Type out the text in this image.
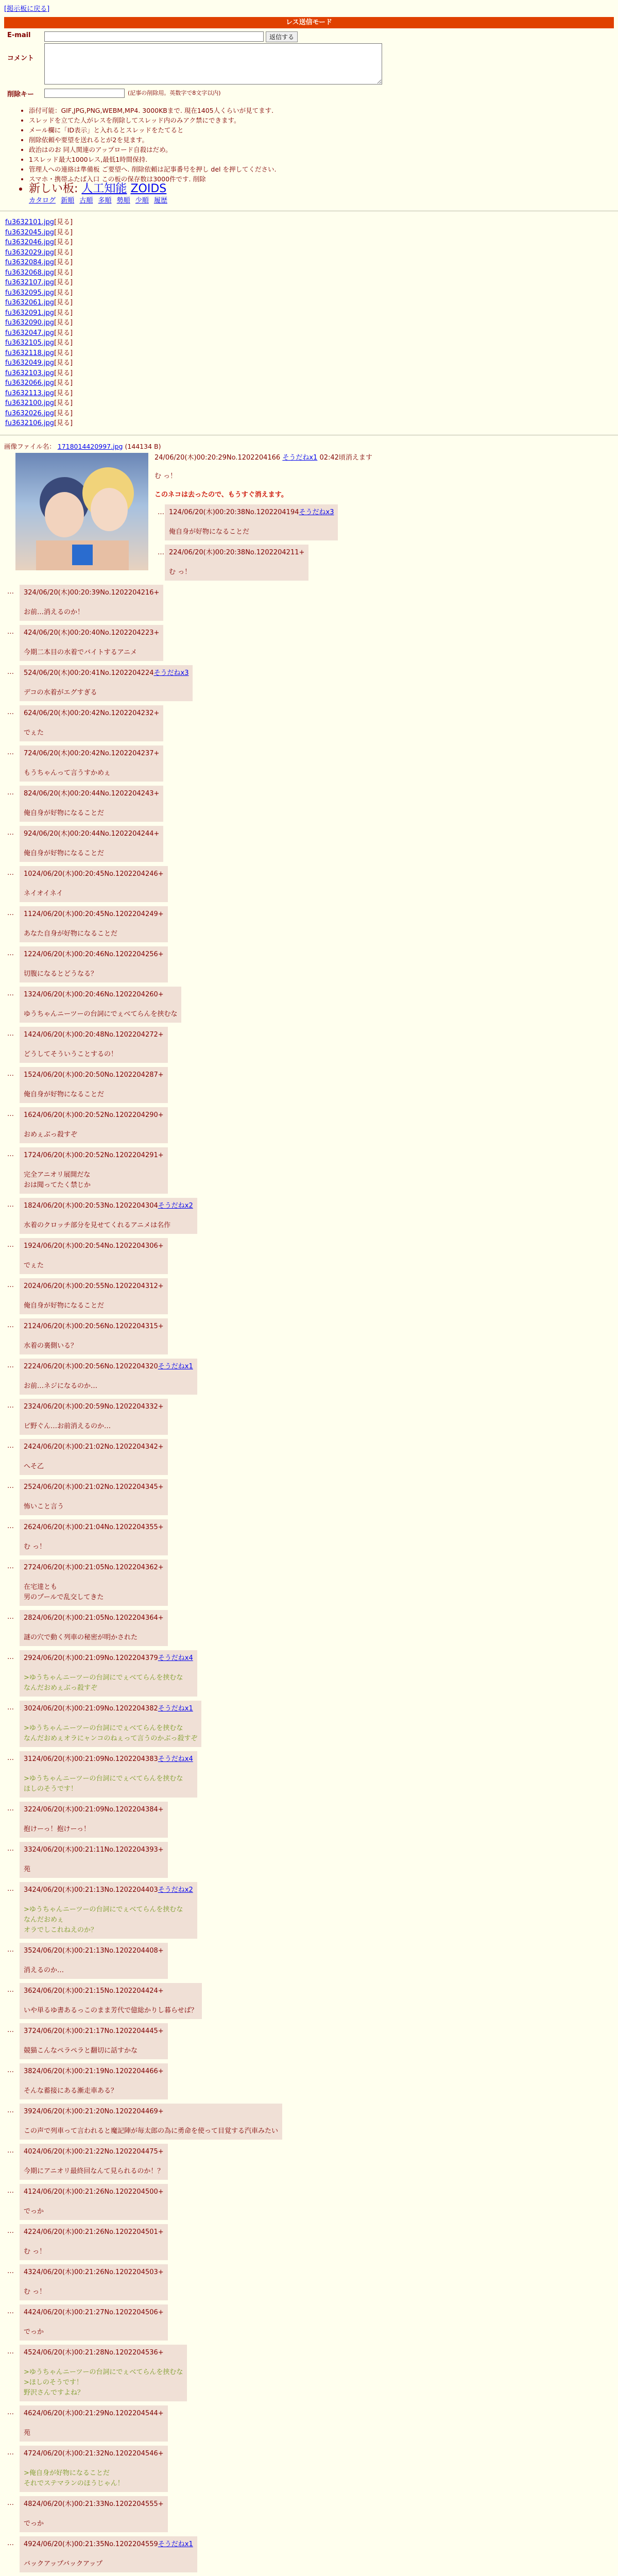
[掲示板に戻る]
レス送信モード
E-mail	返信する
コメント
削除キー	(記事の削除用。英数字で8文字以内)
• 添付可能：GIF,JPG,PNG,WEBM,MP4. 3000KBまで. 現在1405人くらいが見てます.
• スレッドを立てた人がレスを削除してスレッド内のみアク禁にできます。
• メール欄に「ID表示」と入れるとスレッドをたてると
• 削除依頼や要望を送れるとが2を見ます。
• 政治はのお 同人関連のアップロード自殺はだめ。
• 1スレッド最大1000レス,最低1時間保持.
• 管理人への連絡は準備板 ご要望へ. 削除依頼は記事番号を押し del を押してください.
• スマホ・携帯ふたば入口 この板の保存数は3000件です. 削除
• 新しい板: 人工知能 ZOIDS
カタログ 新順 古順 多順 勢順 少順 履歴
fu3632101.jpg[見る]
fu3632045.jpg[見る]
fu3632046.jpg[見る]
fu3632029.jpg[見る]
fu3632084.jpg[見る]
fu3632068.jpg[見る]
fu3632107.jpg[見る]
fu3632095.jpg[見る]
fu3632061.jpg[見る]
fu3632091.jpg[見る]
fu3632090.jpg[見る]
fu3632047.jpg[見る]
fu3632105.jpg[見る]
fu3632118.jpg[見る]
fu3632049.jpg[見る]
fu3632103.jpg[見る]
fu3632066.jpg[見る]
fu3632113.jpg[見る]
fu3632100.jpg[見る]
fu3632026.jpg[見る]
fu3632106.jpg[見る]
画像ファイル名： 1718014420997.jpg (144134 B)
24/06/20(木)00:20:29No.1202204166 そうだねx1 02:42頃消えます
む っ！
このネコは去ったので、もうすぐ消えます。
… 124/06/20(木)00:20:38No.1202204194そうだねx3
俺自身が好物になることだ
… 224/06/20(木)00:20:38No.1202204211+
む っ！
… 324/06/20(木)00:20:39No.1202204216+
お前…消えるのか！
… 424/06/20(木)00:20:40No.1202204223+
今期二本目の水着でバイトするアニメ
… 524/06/20(木)00:20:41No.1202204224そうだねx3
デコの水着がエグすぎる
… 624/06/20(木)00:20:42No.1202204232+
でぇた
… 724/06/20(木)00:20:42No.1202204237+
もうちゃんって言うすかめぇ
… 824/06/20(木)00:20:44No.1202204243+
俺自身が好物になることだ
… 924/06/20(木)00:20:44No.1202204244+
俺自身が好物になることだ
… 1024/06/20(木)00:20:45No.1202204246+
ネイオイネイ
… 1124/06/20(木)00:20:45No.1202204249+
あなた自身が好物になることだ
… 1224/06/20(木)00:20:46No.1202204256+
切腹になるとどうなる？
… 1324/06/20(木)00:20:46No.1202204260+
ゆうちゃんニーツーの台詞にでぇべてらんを挟むな
… 1424/06/20(木)00:20:48No.1202204272+
どうしてそういうことするの！
… 1524/06/20(木)00:20:50No.1202204287+
俺自身が好物になることだ
… 1624/06/20(木)00:20:52No.1202204290+
おめぇぶっ殺すぞ
… 1724/06/20(木)00:20:52No.1202204291+
完全アニオリ展開だな
おは聞ってたく禁じか
… 1824/06/20(木)00:20:53No.1202204304そうだねx2
水着のクロッチ部分を見せてくれるアニメは名作
… 1924/06/20(木)00:20:54No.1202204306+
でぇた
… 2024/06/20(木)00:20:55No.1202204312+
俺自身が好物になることだ
… 2124/06/20(木)00:20:56No.1202204315+
水着の裏側いる？
… 2224/06/20(木)00:20:56No.1202204320そうだねx1
お前…ネジになるのか…
… 2324/06/20(木)00:20:59No.1202204332+
ビ野ぐん…お前消えるのか…
… 2424/06/20(木)00:21:02No.1202204342+
へそ乙
… 2524/06/20(木)00:21:02No.1202204345+
怖いこと言う
… 2624/06/20(木)00:21:04No.1202204355+
む っ！
… 2724/06/20(木)00:21:05No.1202204362+
在宅達とも
男のプールで乱交してきた
… 2824/06/20(木)00:21:05No.1202204364+
謎の穴で動く列車の秘密が明かされた
… 2924/06/20(木)00:21:09No.1202204379そうだねx4
>ゆうちゃんニーツーの台詞にでぇべてらんを挟むな
なんだおめぇぶっ殺すぞ
… 3024/06/20(木)00:21:09No.1202204382そうだねx1
>ゆうちゃんニーツーの台詞にでぇべてらんを挟むな
なんだおめぇオラにャンコのねぇって言うのかぶっ殺すぞ
… 3124/06/20(木)00:21:09No.1202204383そうだねx4
>ゆうちゃんニーツーの台詞にでぇべてらんを挟むな
ほしのそうです！
… 3224/06/20(木)00:21:09No.1202204384+
抱けーっ！抱けーっ！
… 3324/06/20(木)00:21:11No.1202204393+
苑
… 3424/06/20(木)00:21:13No.1202204403そうだねx2
>ゆうちゃんニーツーの台詞にでぇべてらんを挟むな
なんだおめぇ
オラでしこれねえのか？
… 3524/06/20(木)00:21:13No.1202204408+
消えるのか…
… 3624/06/20(木)00:21:15No.1202204424+
いや単るゆ書あるっこのまま芳代で億総かりし暮らせば？
… 3724/06/20(木)00:21:17No.1202204445+
競猫こんなペラペラと翻切に話すかな
… 3824/06/20(木)00:21:19No.1202204466+
そんな蓄接にある漸走車ある？
… 3924/06/20(木)00:21:20No.1202204469+
この声で列車って言われると魔記陣が毎太郎の為に勇命を使って目覚する汽車みたい
… 4024/06/20(木)00:21:22No.1202204475+
今期にアニオリ最終回なんて見られるのか！？
… 4124/06/20(木)00:21:26No.1202204500+
でっか
… 4224/06/20(木)00:21:26No.1202204501+
む っ！
… 4324/06/20(木)00:21:26No.1202204503+
む っ！
… 4424/06/20(木)00:21:27No.1202204506+
でっか
… 4524/06/20(木)00:21:28No.1202204536+
>ゆうちゃんニーツーの台詞にでぇべてらんを挟むな
>ほしのそうです！
野沢さんですよね？
… 4624/06/20(木)00:21:29No.1202204544+
苑
… 4724/06/20(木)00:21:32No.1202204546+
>俺自身が好物になることだ
それでステマランのほうじゃん！
… 4824/06/20(木)00:21:33No.1202204555+
でっか
… 4924/06/20(木)00:21:35No.1202204559そうだねx1
バックアップバックアップ
